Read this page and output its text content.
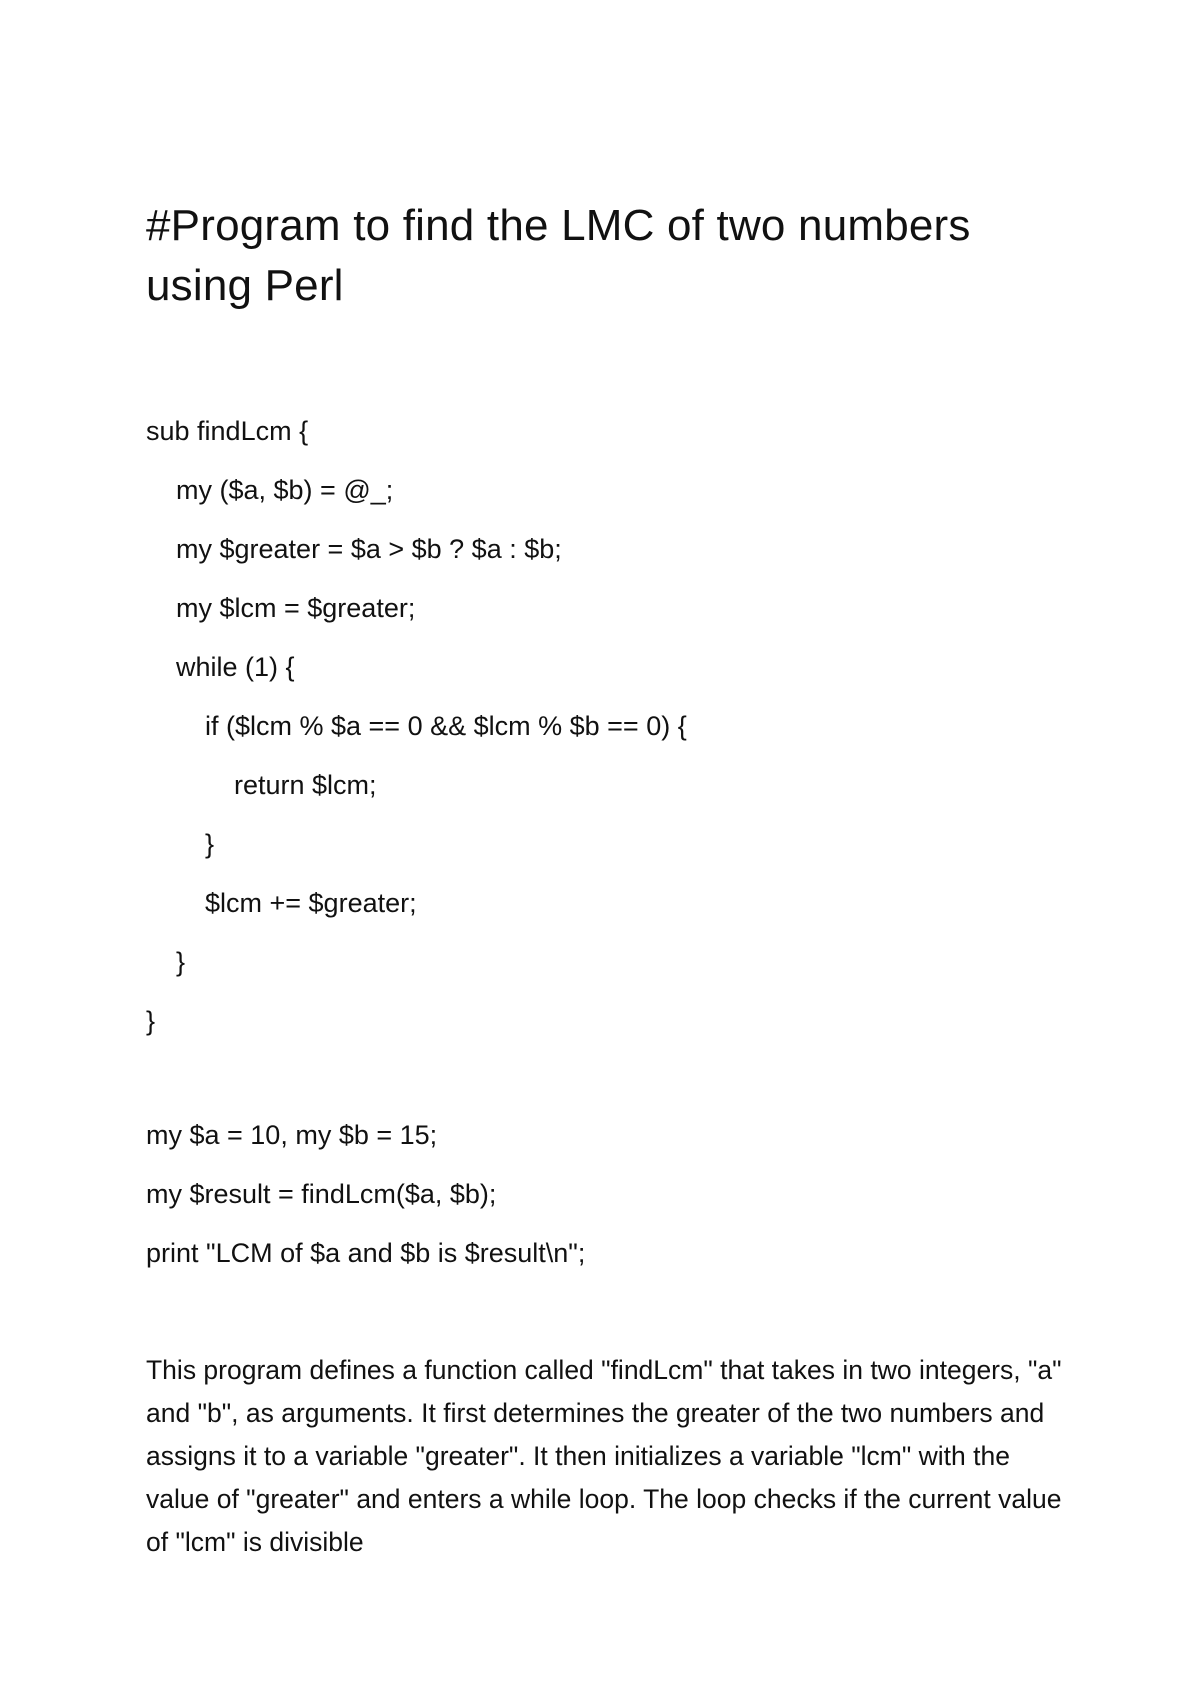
#Program to find the LMC of two numbers using Perl
sub findLcm {
my ($a, $b) = @_;
my $greater = $a > $b ? $a : $b;
my $lcm = $greater;
while (1) {
if ($lcm % $a == 0 && $lcm % $b == 0) {
return $lcm;
}
$lcm += $greater;
}
}
my $a = 10, my $b = 15;
my $result = findLcm($a, $b);
print "LCM of $a and $b is $result\n";

This program defines a function called "findLcm" that takes in two integers, "a" and "b", as arguments. It first determines the greater of the two numbers and assigns it to a variable "greater". It then initializes a variable "lcm" with the value of "greater" and enters a while loop. The loop checks if the current value of "lcm" is divisible
